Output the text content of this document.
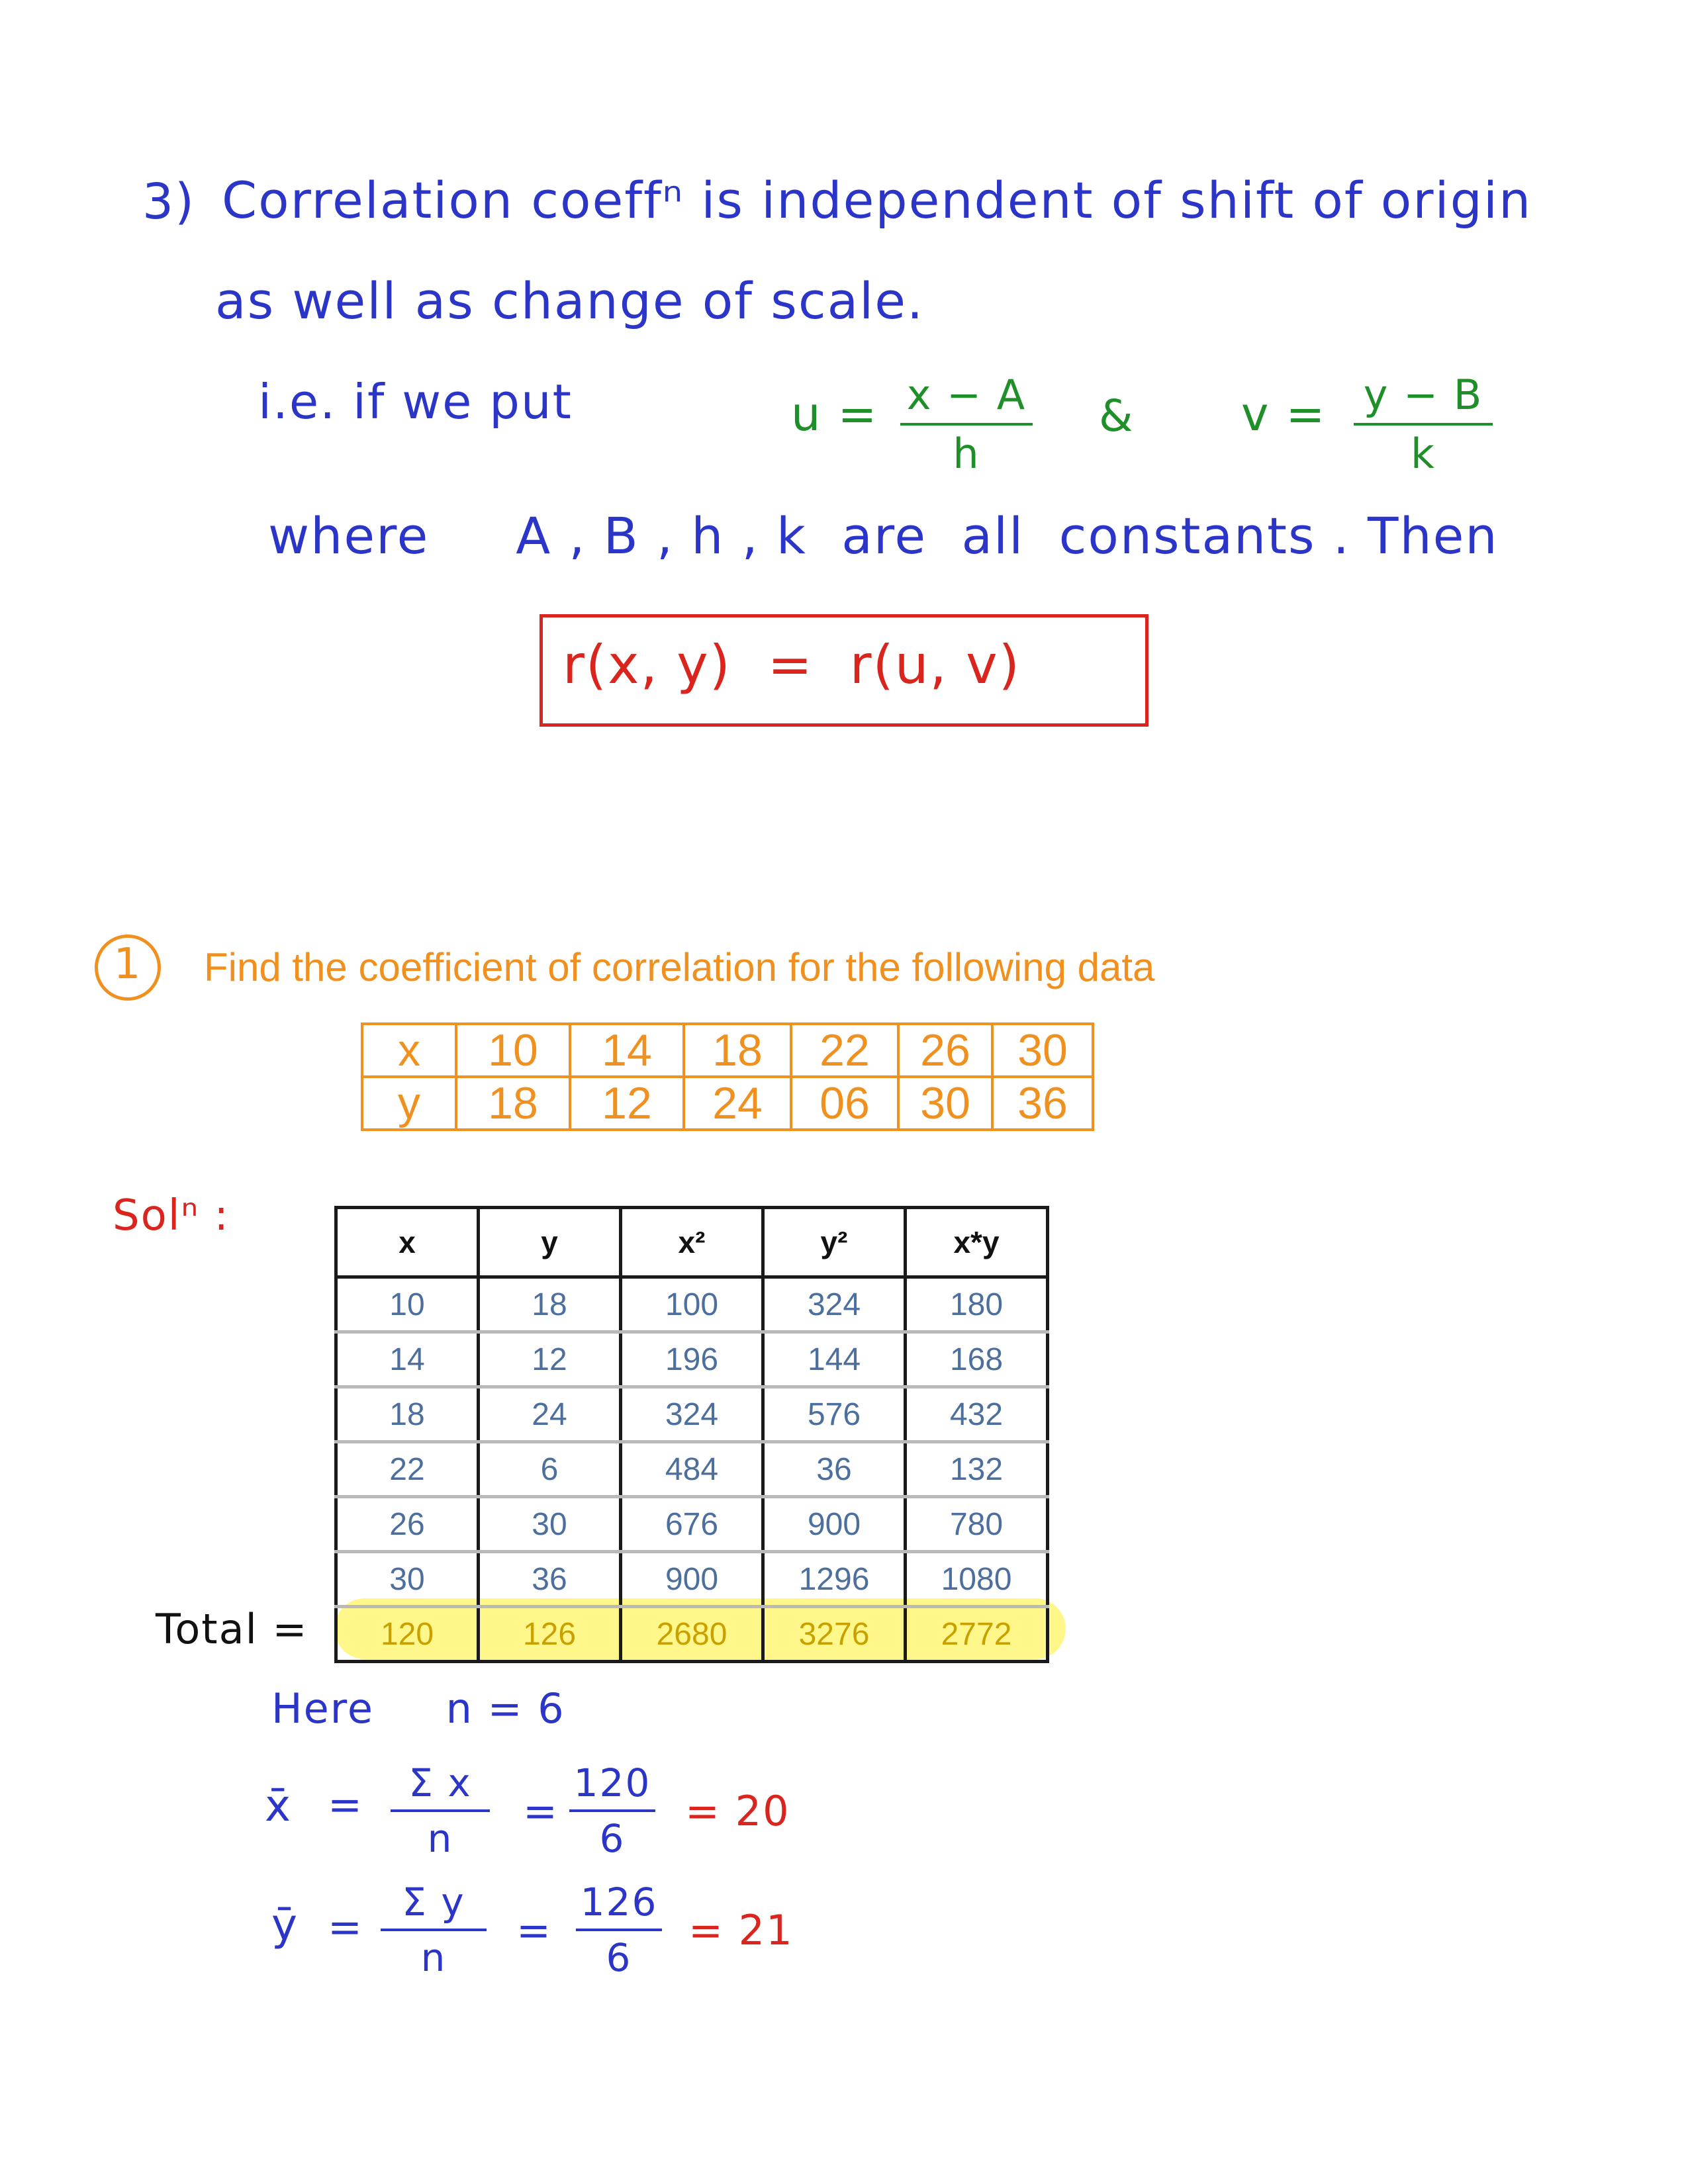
3) Correlation coeffⁿ is independent of shift of origin
as well as change of scale.
i.e. if we put	u = x − A
h
& v = y − B
k
where     A , B , h , k  are  all  constants . Then
r(x, y)  =  r(u, v)
1	Find the coefficient of correlation for the following data
x	10	14	18	22	26	30
y	18	12	24	06	30	36
Solⁿ :
x	y	x²	y²	x*y
10	18	100	324	180
14	12	196	144	168
18	24	324	576	432
22	6	484	36	132
26	30	676	900	780
30	36	900	1296	1080
120	126	2680	3276	2772
Total =
Here     n = 6
x̄ =	Σ x
n
=
120
6
= 20
ȳ =
Σ y
n
=
126
6
= 21
